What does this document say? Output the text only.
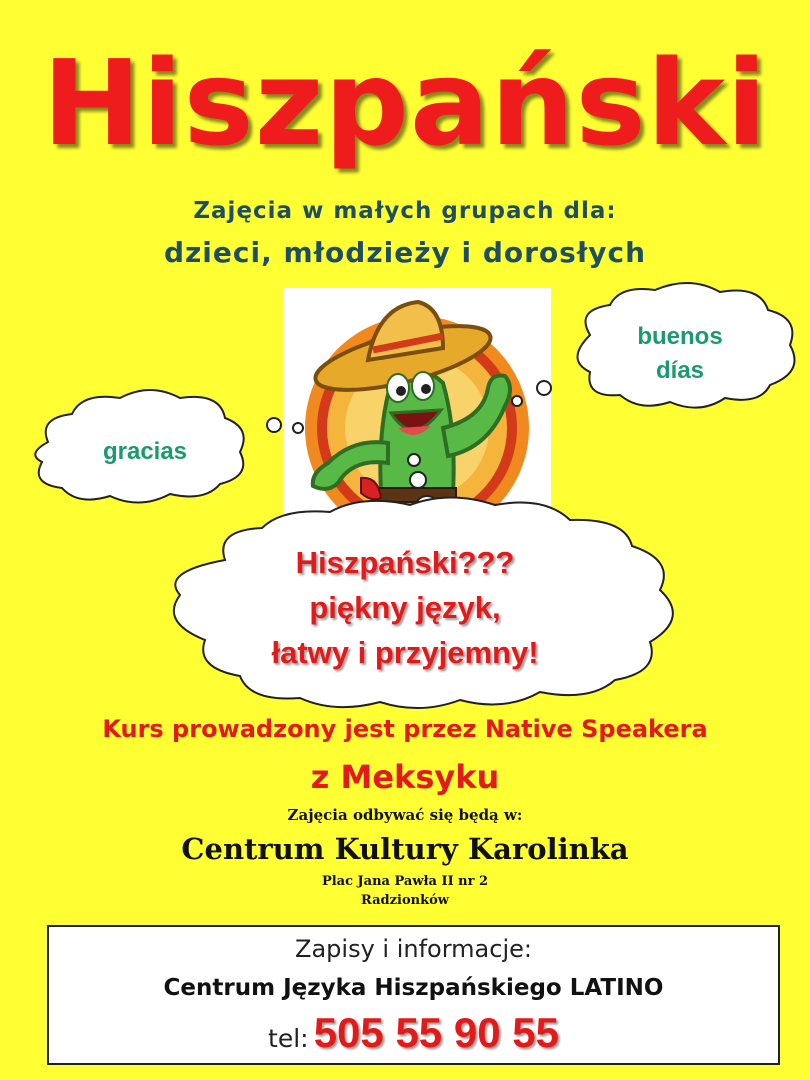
Hiszpański
Zajęcia w małych grupach dla:
dzieci, młodzieży i dorosłych
buenos
días
gracias
Hiszpański???
piękny język,
łatwy i przyjemny!
Kurs prowadzony jest przez Native Speakera
z Meksyku
Zajęcia odbywać się będą w:
Centrum Kultury Karolinka
Plac Jana Pawła II nr 2
Radzionków
Zapisy i informacje:
Centrum Języka Hiszpańskiego LATINO
tel: 505 55 90 55
